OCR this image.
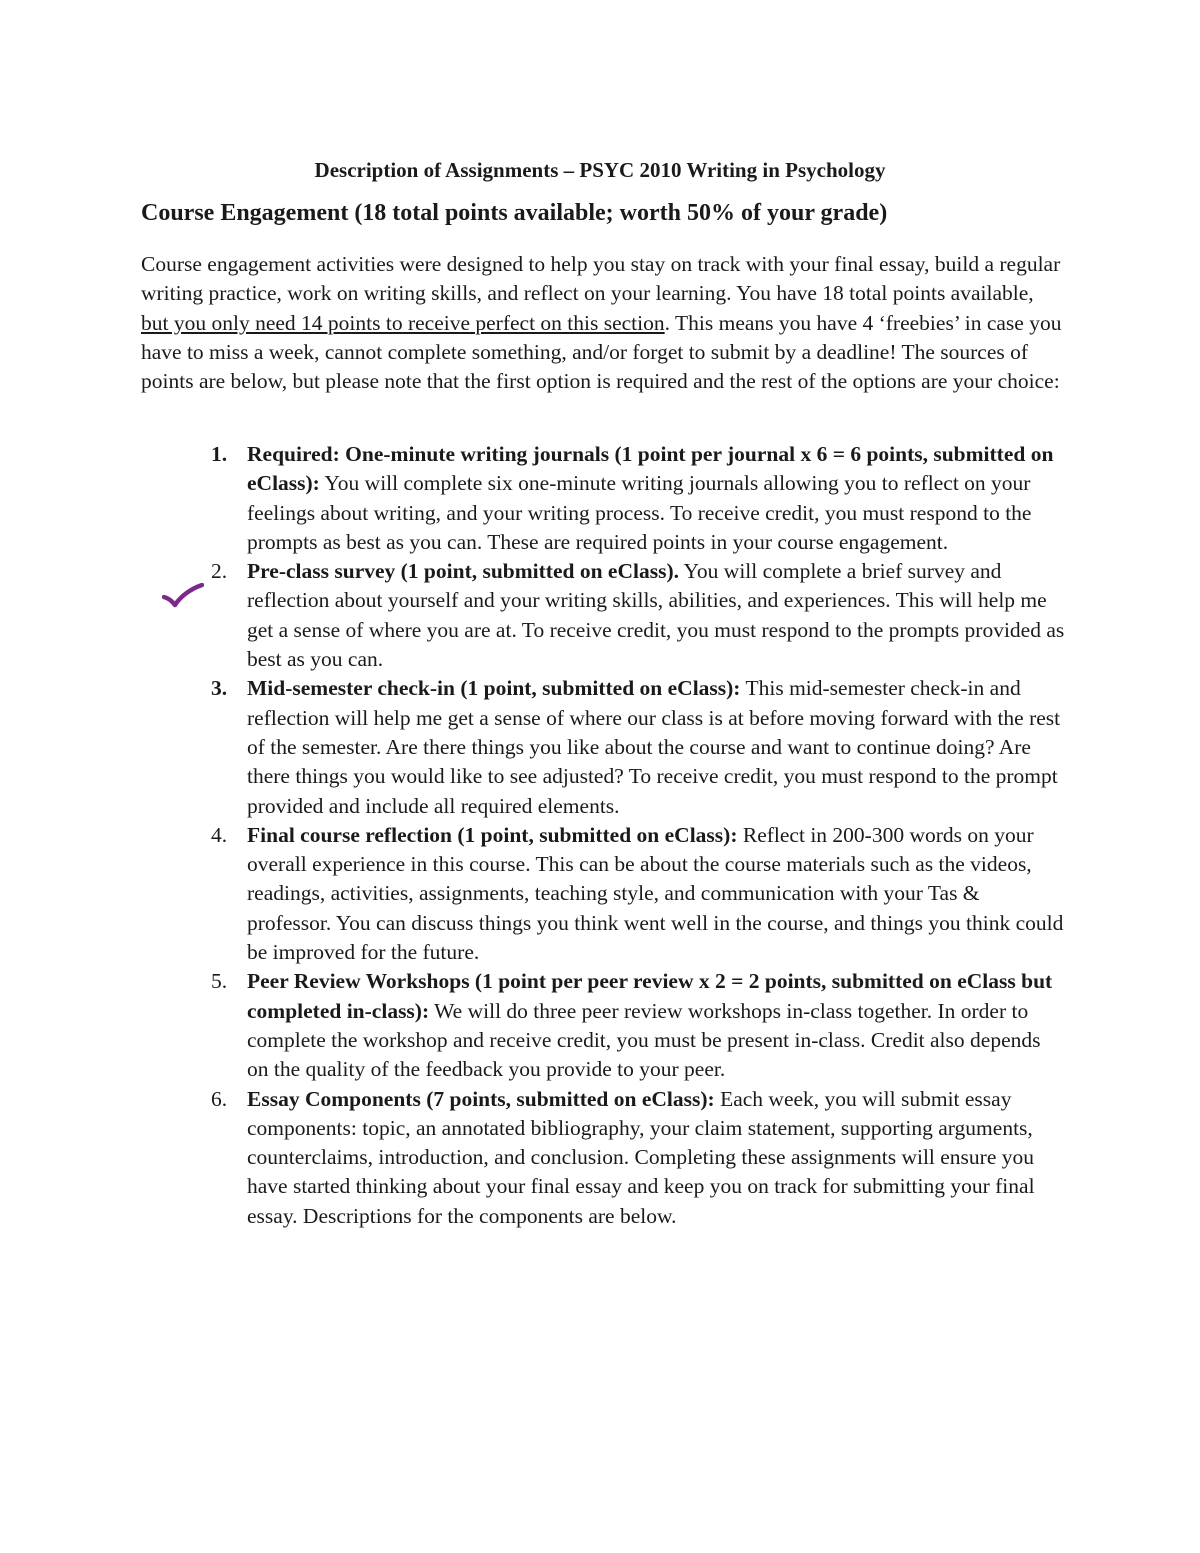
Description of Assignments – PSYC 2010 Writing in Psychology
Course Engagement (18 total points available; worth 50% of your grade)

Course engagement activities were designed to help you stay on track with your final essay, build a regular writing practice, work on writing skills, and reflect on your learning. You have 18 total points available, but you only need 14 points to receive perfect on this section. This means you have 4 ‘freebies’ in case you have to miss a week, cannot complete something, and/or forget to submit by a deadline! The sources of points are below, but please note that the first option is required and the rest of the options are your choice:

1. Required: One-minute writing journals (1 point per journal x 6 = 6 points, submitted on eClass): You will complete six one-minute writing journals allowing you to reflect on your feelings about writing, and your writing process. To receive credit, you must respond to the prompts as best as you can. These are required points in your course engagement.
2. Pre-class survey (1 point, submitted on eClass). You will complete a brief survey and reflection about yourself and your writing skills, abilities, and experiences. This will help me get a sense of where you are at. To receive credit, you must respond to the prompts provided as best as you can.
3. Mid-semester check-in (1 point, submitted on eClass): This mid-semester check-in and reflection will help me get a sense of where our class is at before moving forward with the rest of the semester. Are there things you like about the course and want to continue doing? Are there things you would like to see adjusted? To receive credit, you must respond to the prompt provided and include all required elements.
4. Final course reflection (1 point, submitted on eClass): Reflect in 200-300 words on your overall experience in this course. This can be about the course materials such as the videos, readings, activities, assignments, teaching style, and communication with your Tas & professor. You can discuss things you think went well in the course, and things you think could be improved for the future.
5. Peer Review Workshops (1 point per peer review x 2 = 2 points, submitted on eClass but completed in-class): We will do three peer review workshops in-class together. In order to complete the workshop and receive credit, you must be present in-class. Credit also depends on the quality of the feedback you provide to your peer.
6. Essay Components (7 points, submitted on eClass): Each week, you will submit essay components: topic, an annotated bibliography, your claim statement, supporting arguments, counterclaims, introduction, and conclusion. Completing these assignments will ensure you have started thinking about your final essay and keep you on track for submitting your final essay. Descriptions for the components are below.
